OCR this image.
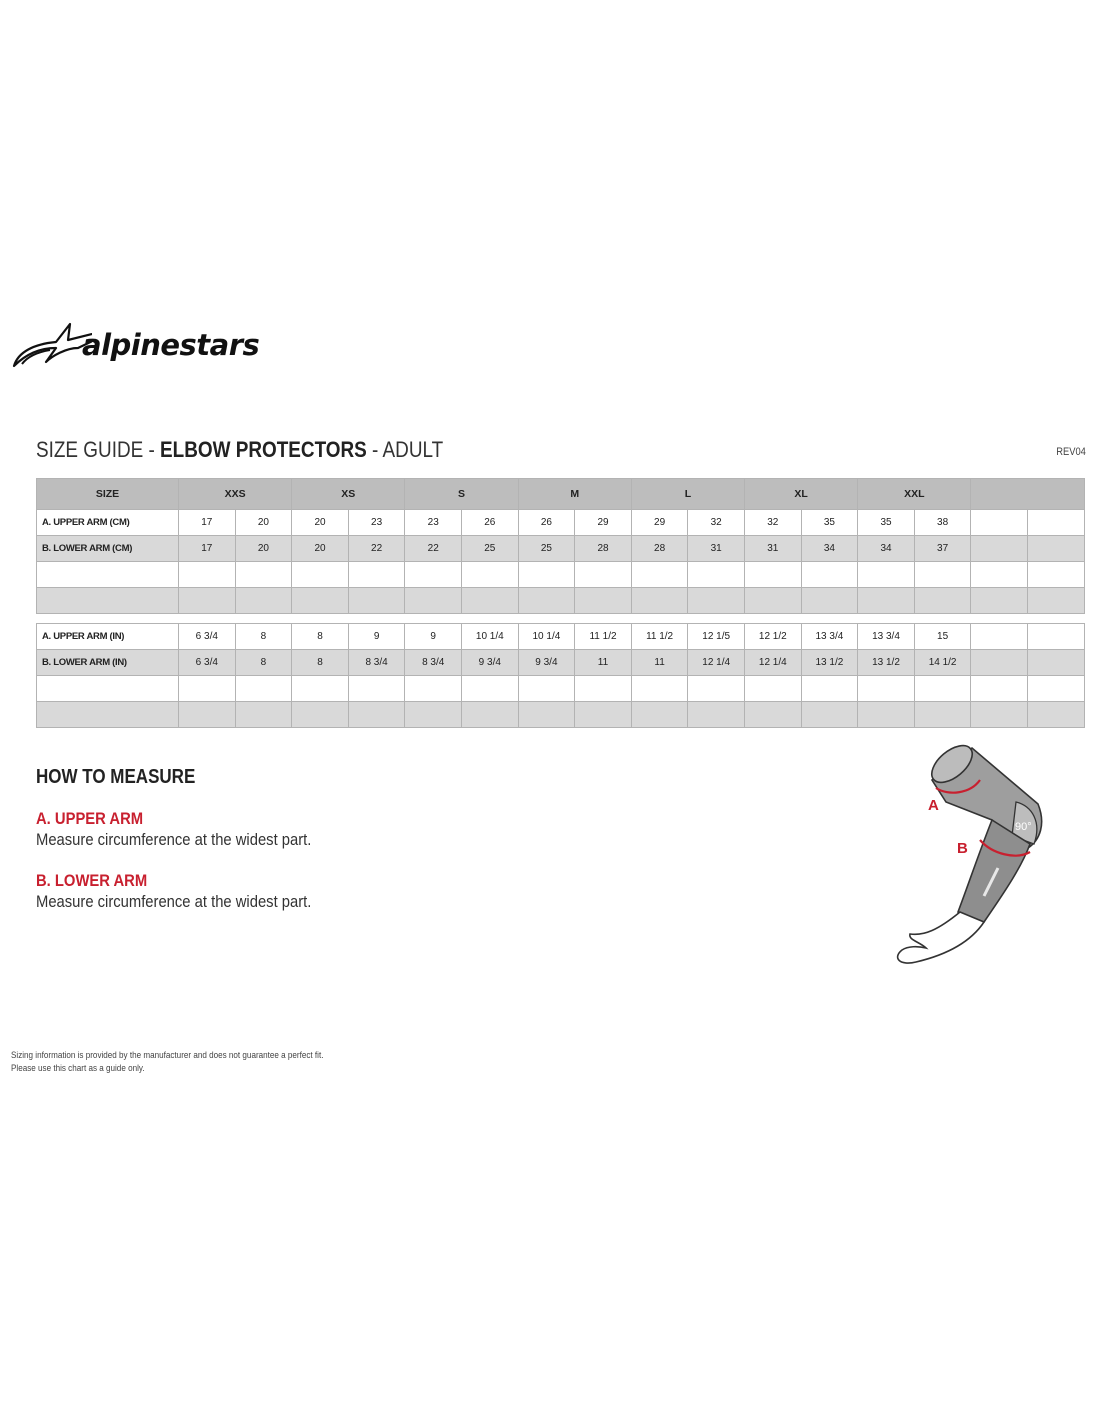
alpinestars
SIZE GUIDE - ELBOW PROTECTORS - ADULT	REV04
SIZE	XXS		XS		S		M		L		XL		XXL			
A. UPPER ARM (CM)	17	20	20	23	23	26	26	29	29	32	32	35	35	38		
B. LOWER ARM (CM)	17	20	20	22	22	25	25	28	28	31	31	34	34	37		

A. UPPER ARM (IN)	6 3/4	8	8	9	9	10 1/4	10 1/4	11 1/2	11 1/2	12 1/5	12 1/2	13 3/4	13 3/4	15		
B. LOWER ARM (IN)	6 3/4	8	8	8 3/4	8 3/4	9 3/4	9 3/4	11	11	12 1/4	12 1/4	13 1/2	13 1/2	14 1/2		

HOW TO MEASURE
A. UPPER ARM
Measure circumference at the widest part.
B. LOWER ARM
Measure circumference at the widest part.
A
B
90°
Sizing information is provided by the manufacturer and does not guarantee a perfect fit.
Please use this chart as a guide only.
